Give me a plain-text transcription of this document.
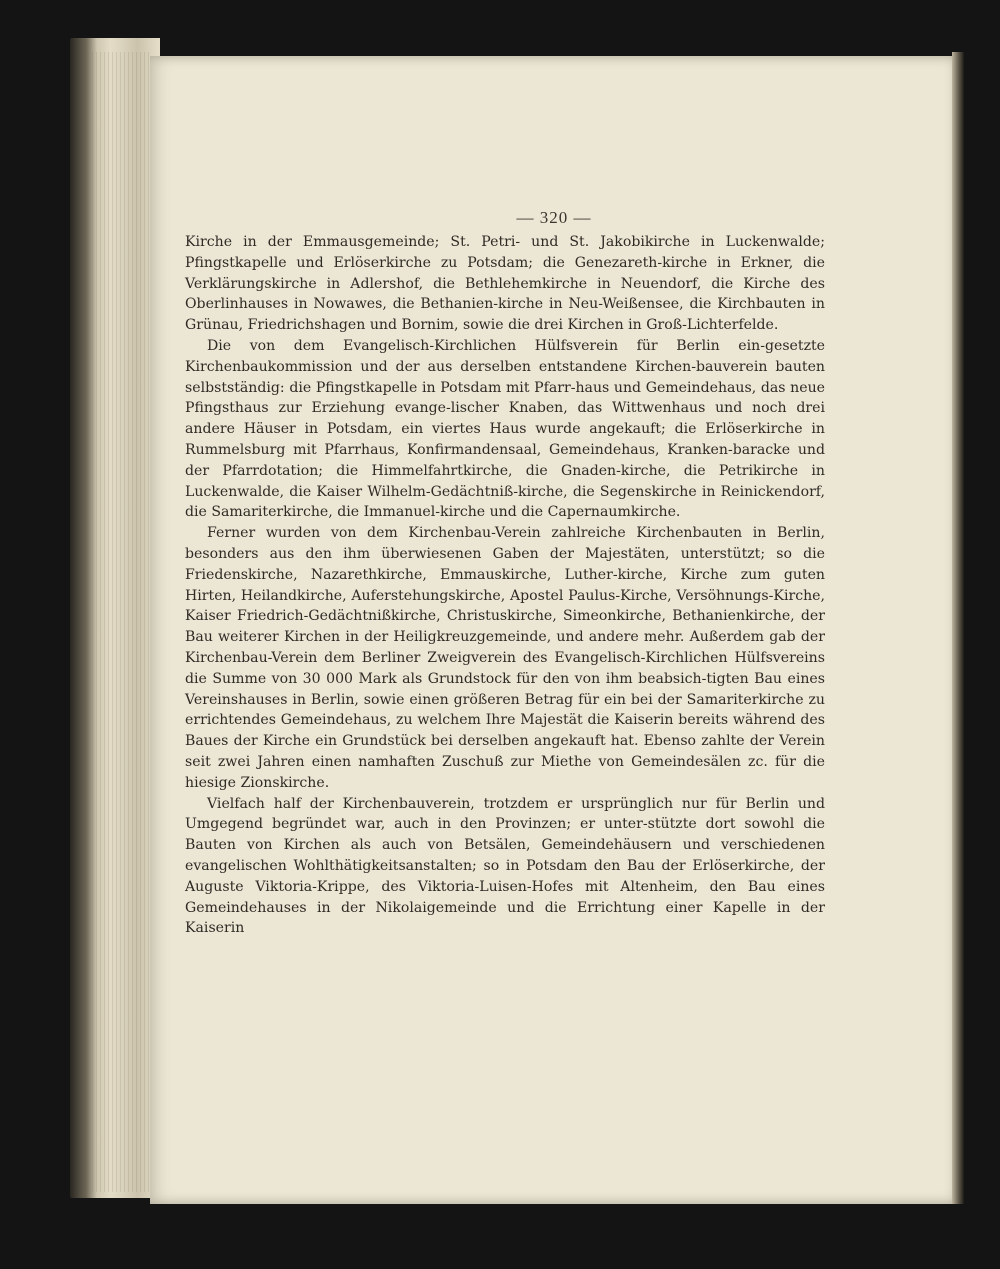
— 320 —

Kirche in der Emmausgemeinde; St. Petri- und St. Jakobikirche in Luckenwalde; Pfingstkapelle und Erlöserkirche zu Potsdam; die Genezareth-kirche in Erkner, die Verklärungskirche in Adlershof, die Bethlehemkirche in Neuendorf, die Kirche des Oberlinhauses in Nowawes, die Bethanien-kirche in Neu-Weißensee, die Kirchbauten in Grünau, Friedrichshagen und Bornim, sowie die drei Kirchen in Groß-Lichterfelde.

Die von dem Evangelisch-Kirchlichen Hülfsverein für Berlin ein-gesetzte Kirchenbaukommission und der aus derselben entstandene Kirchen-bauverein bauten selbstständig: die Pfingstkapelle in Potsdam mit Pfarr-haus und Gemeindehaus, das neue Pfingsthaus zur Erziehung evange-lischer Knaben, das Wittwenhaus und noch drei andere Häuser in Potsdam, ein viertes Haus wurde angekauft; die Erlöserkirche in Rummelsburg mit Pfarrhaus, Konfirmandensaal, Gemeindehaus, Kranken-baracke und der Pfarrdotation; die Himmelfahrtkirche, die Gnaden-kirche, die Petrikirche in Luckenwalde, die Kaiser Wilhelm-Gedächtniß-kirche, die Segenskirche in Reinickendorf, die Samariterkirche, die Immanuel-kirche und die Capernaumkirche.

Ferner wurden von dem Kirchenbau-Verein zahlreiche Kirchenbauten in Berlin, besonders aus den ihm überwiesenen Gaben der Majestäten, unterstützt; so die Friedenskirche, Nazarethkirche, Emmauskirche, Luther-kirche, Kirche zum guten Hirten, Heilandkirche, Auferstehungskirche, Apostel Paulus-Kirche, Versöhnungs-Kirche, Kaiser Friedrich-Gedächtnißkirche, Christuskirche, Simeonkirche, Bethanienkirche, der Bau weiterer Kirchen in der Heiligkreuzgemeinde, und andere mehr. Außerdem gab der Kirchenbau-Verein dem Berliner Zweigverein des Evangelisch-Kirchlichen Hülfsvereins die Summe von 30 000 Mark als Grundstock für den von ihm beabsich-tigten Bau eines Vereinshauses in Berlin, sowie einen größeren Betrag für ein bei der Samariterkirche zu errichtendes Gemeindehaus, zu welchem Ihre Majestät die Kaiserin bereits während des Baues der Kirche ein Grundstück bei derselben angekauft hat. Ebenso zahlte der Verein seit zwei Jahren einen namhaften Zuschuß zur Miethe von Gemeindesälen zc. für die hiesige Zionskirche.

Vielfach half der Kirchenbauverein, trotzdem er ursprünglich nur für Berlin und Umgegend begründet war, auch in den Provinzen; er unter-stützte dort sowohl die Bauten von Kirchen als auch von Betsälen, Gemeindehäusern und verschiedenen evangelischen Wohlthätigkeitsanstalten; so in Potsdam den Bau der Erlöserkirche, der Auguste Viktoria-Krippe, des Viktoria-Luisen-Hofes mit Altenheim, den Bau eines Gemeindehauses in der Nikolaigemeinde und die Errichtung einer Kapelle in der Kaiserin
